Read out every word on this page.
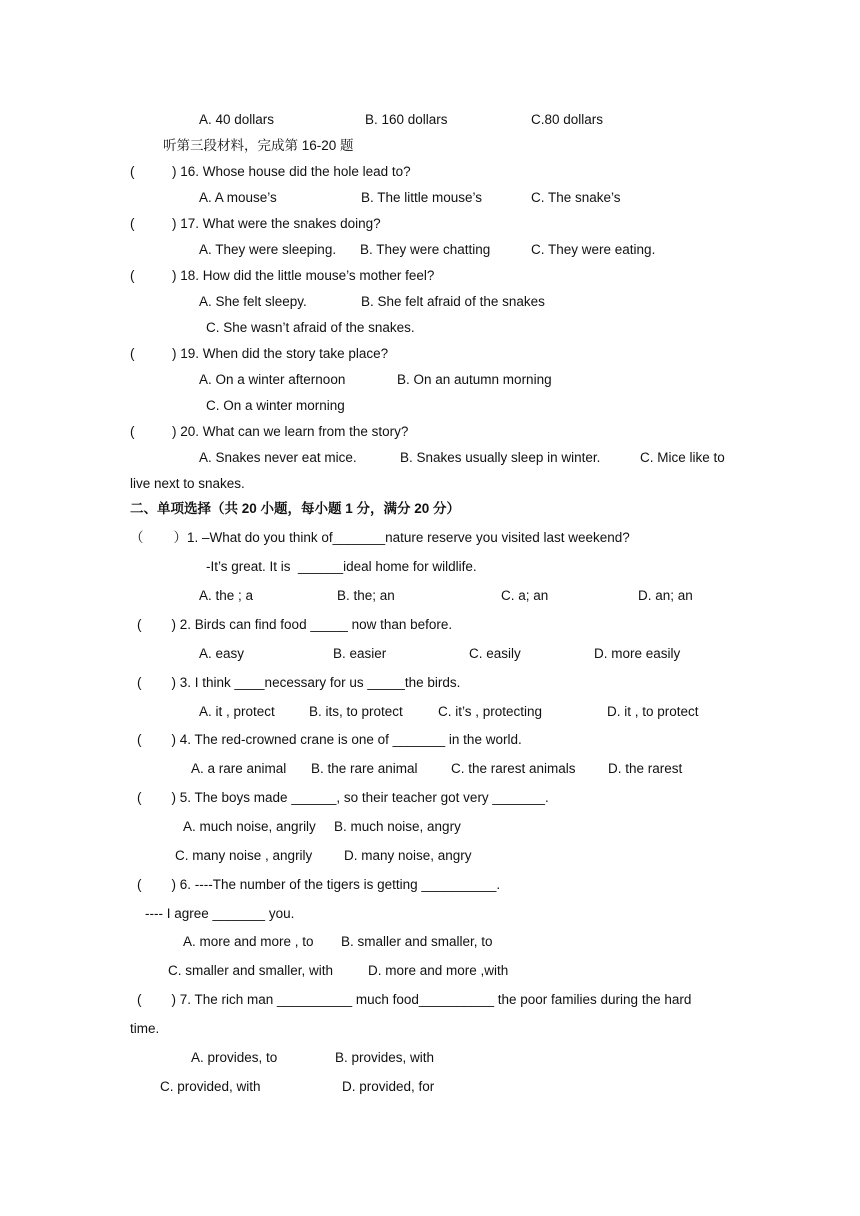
A. 40 dollars	B. 160 dollars	C.80 dollars
听第三段材料，完成第 16-20 题
(          ) 16. Whose house did the hole lead to?
A. A mouse’s	B. The little mouse’s	C. The snake’s
(          ) 17. What were the snakes doing?
A. They were sleeping. B. They were chatting	C. They were eating.
(          ) 18. How did the little mouse’s mother feel?
A. She felt sleepy.	B. She felt afraid of the snakes
C. She wasn’t afraid of the snakes.
(          ) 19. When did the story take place?
A. On a winter afternoon	B. On an autumn morning
C. On a winter morning
(          ) 20. What can we learn from the story?
A. Snakes never eat mice.	B. Snakes usually sleep in winter.	C. Mice like to
live next to snakes.
二、单项选择（共 20 小题，每小题 1 分，满分 20 分）
（        ）1. –What do you think of_______nature reserve you visited last weekend?
-It’s great. It is  ______ideal home for wildlife.
A. the ; a	B. the; an	C. a; an	D. an; an
(        ) 2. Birds can find food _____ now than before.
A. easy	B. easier	C. easily	D. more easily
(        ) 3. I think ____necessary for us _____the birds.
A. it , protect	B. its, to protect	C. it’s , protecting	D. it , to protect
(        ) 4. The red-crowned crane is one of _______ in the world.
A. a rare animal B. the rare animal C. the rarest animals D. the rarest
(        ) 5. The boys made ______, so their teacher got very _______.
A. much noise, angrily B. much noise, angry
C. many noise , angrily D. many noise, angry
(        ) 6. ----The number of the tigers is getting __________.
---- I agree _______ you.
A. more and more , to B. smaller and smaller, to
C. smaller and smaller, with	D. more and more ,with
(        ) 7. The rich man __________ much food__________ the poor families during the hard
time.
A. provides, to	B. provides, with
C. provided, with	D. provided, for
